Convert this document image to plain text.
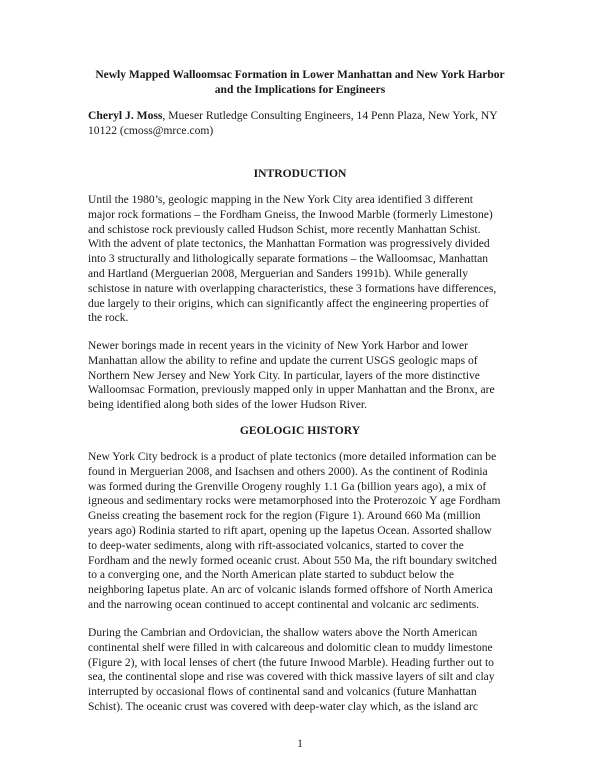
Newly Mapped Walloomsac Formation in Lower Manhattan and New York Harbor
and the Implications for Engineers
Cheryl J. Moss, Mueser Rutledge Consulting Engineers, 14 Penn Plaza, New York, NY
10122 (cmoss@mrce.com)
INTRODUCTION
Until the 1980’s, geologic mapping in the New York City area identified 3 different
major rock formations – the Fordham Gneiss, the Inwood Marble (formerly Limestone)
and schistose rock previously called Hudson Schist, more recently Manhattan Schist.
With the advent of plate tectonics, the Manhattan Formation was progressively divided
into 3 structurally and lithologically separate formations – the Walloomsac, Manhattan
and Hartland (Merguerian 2008, Merguerian and Sanders 1991b). While generally
schistose in nature with overlapping characteristics, these 3 formations have differences,
due largely to their origins, which can significantly affect the engineering properties of
the rock.
Newer borings made in recent years in the vicinity of New York Harbor and lower
Manhattan allow the ability to refine and update the current USGS geologic maps of
Northern New Jersey and New York City. In particular, layers of the more distinctive
Walloomsac Formation, previously mapped only in upper Manhattan and the Bronx, are
being identified along both sides of the lower Hudson River.
GEOLOGIC HISTORY
New York City bedrock is a product of plate tectonics (more detailed information can be
found in Merguerian 2008, and Isachsen and others 2000). As the continent of Rodinia
was formed during the Grenville Orogeny roughly 1.1 Ga (billion years ago), a mix of
igneous and sedimentary rocks were metamorphosed into the Proterozoic Y age Fordham
Gneiss creating the basement rock for the region (Figure 1). Around 660 Ma (million
years ago) Rodinia started to rift apart, opening up the Iapetus Ocean. Assorted shallow
to deep-water sediments, along with rift-associated volcanics, started to cover the
Fordham and the newly formed oceanic crust. About 550 Ma, the rift boundary switched
to a converging one, and the North American plate started to subduct below the
neighboring Iapetus plate. An arc of volcanic islands formed offshore of North America
and the narrowing ocean continued to accept continental and volcanic arc sediments.
During the Cambrian and Ordovician, the shallow waters above the North American
continental shelf were filled in with calcareous and dolomitic clean to muddy limestone
(Figure 2), with local lenses of chert (the future Inwood Marble). Heading further out to
sea, the continental slope and rise was covered with thick massive layers of silt and clay
interrupted by occasional flows of continental sand and volcanics (future Manhattan
Schist). The oceanic crust was covered with deep-water clay which, as the island arc
1
